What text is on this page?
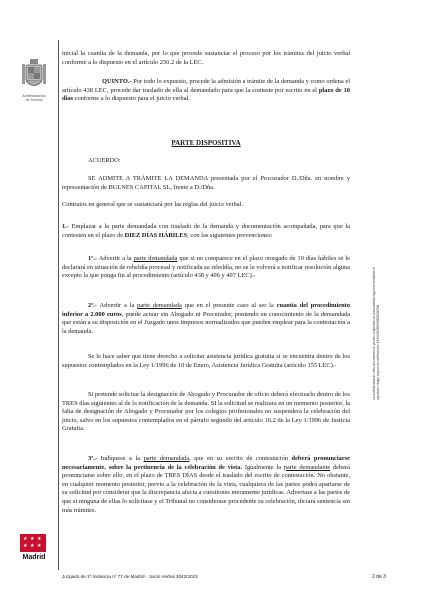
Administración
de Justicia

inicial la cuantía de la demanda, por lo que procede sustanciar el proceso por los trámites del juicio verbal conforme a lo dispuesto en el artículo 250.2 de la LEC.

QUINTO.- Por todo lo expuesto, procede la admisión a trámite de la demanda y como ordena el artículo 438 LEC, procede dar traslado de ella al demandado para que la conteste por escrito en el plazo de 10 días conforme a lo dispuesto para el juicio verbal.

PARTE DISPOSITIVA

ACUERDO:

SE ADMITE A TRÁMITE LA DEMANDA presentada por el Procurador D./Dña. en nombre y representación de BULNES CAPITAL SL, frente a D./Dña.

Contratos en general que se sustanciará por las reglas del juicio verbal.

1.- Emplazar a la parte demandada con traslado de la demanda y documentación acompañada, para que la contesten en el plazo de DIEZ DÍAS HÁBILES, con las siguientes prevenciones:

1º.- Advertir a la parte demandada que si no comparece en el plazo otorgado de 10 días hábiles se le declarará en situación de rebeldía procesal y notificada su rebeldía, no se le volverá a notificar resolución alguna excepto la que ponga fin al procedimiento (artículo 438 y 496 y 497 LEC).-

2º.- Advertir a la parte demandada que en el presente caso al ser la cuantía del procedimiento inferior a 2.000 euros, puede actuar sin Abogado ni Procurador, poniendo en conocimiento de la demandada que están a su disposición en el Juzgado unos impresos normalizados que pueden emplear para la contestación a la demanda.

Se le hace saber que tiene derecho a solicitar asistencia jurídica gratuita si se encuentra dentro de los supuestos contemplados en la Ley 1/1996 de 10 de Enero, Asistencia Jurídica Gratuita (artículo 155 LEC).-

Si pretende solicitar la designación de Abogado y Procurador de oficio deberá efectuarlo dentro de los TRES días siguientes al de la notificación de la demanda. SI la solicitud se realizara en un momento posterior, la falta de designación de Abogado y Procurador por los colegios profesionales no suspenderá la celebración del juicio, salvo en los supuestos contemplados en el párrafo segundo del artículo 16.2 de la Ley 1/1996 de Justicia Gratuita.

3º.- Indíquese a la parte demandada, que en su escrito de contestación deberá pronunciarse necesariamente, sobre la pertinencia de la celebración de vista. Igualmente la parte demandante deberá pronunciarse sobre ello, en el plazo de TRES DÍAS desde el traslado del escrito de contestación. No obstante, en cualquier momento posterior, previo a la celebración de la vista, cualquiera de las partes podrá apartarse de su solicitud por considerar que la discrepancia afecta a cuestiones meramente jurídicas. Advertase a las partes de que si ninguna de ellas lo solicitase y el Tribunal no considerase procedente su celebración, dictará sentencia sin más trámites.

★ ★ ★
★ ★ ★
Madrid
Juzgado de 1ª Instancia nº 77 de Madrid - Juicio Verbal 2042/2023	2 de 3
La autenticidad de este documento se puede comprobar en www.madrid.org/cove mediante el siguiente código seguro de verificación: 1339429983498508150781
